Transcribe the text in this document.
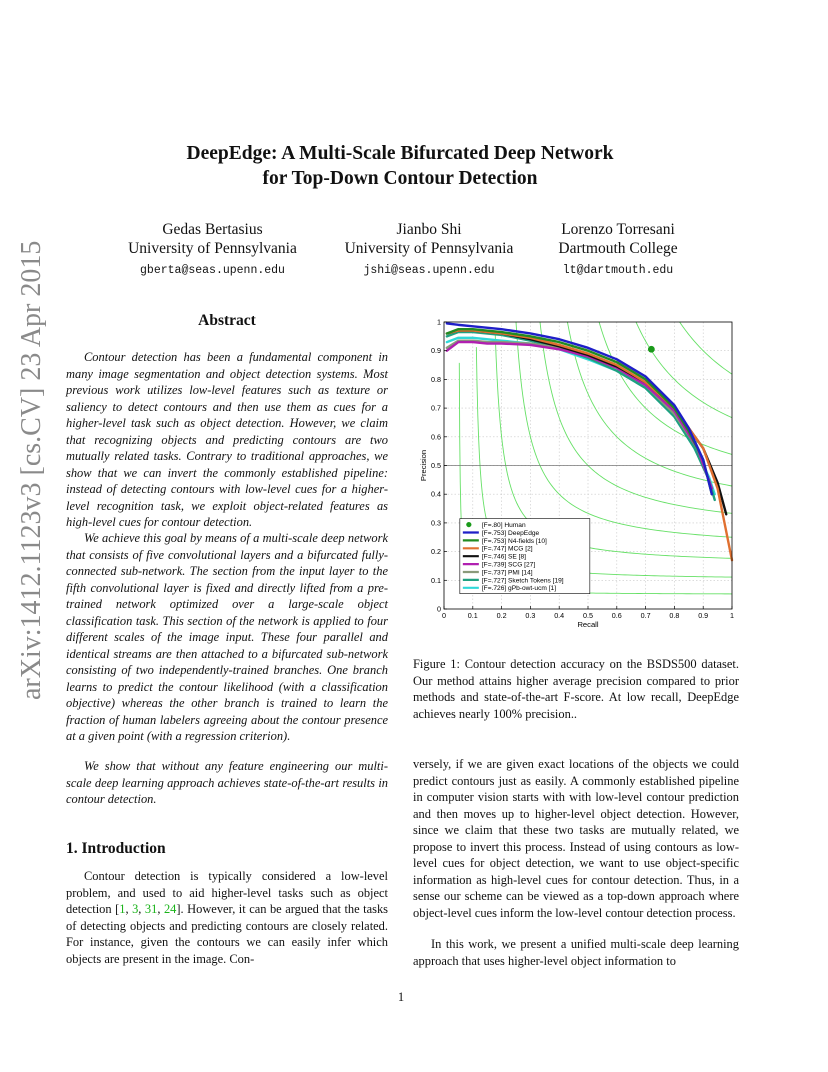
arXiv:1412.1123v3 [cs.CV] 23 Apr 2015
DeepEdge: A Multi-Scale Bifurcated Deep Network
for Top-Down Contour Detection
Gedas Bertasius
University of Pennsylvania
gberta@seas.upenn.edu
Jianbo Shi
University of Pennsylvania
jshi@seas.upenn.edu
Lorenzo Torresani
Dartmouth College
lt@dartmouth.edu
Abstract
Contour detection has been a fundamental component in many image segmentation and object detection systems. Most previous work utilizes low-level features such as texture or saliency to detect contours and then use them as cues for a higher-level task such as object detection. However, we claim that recognizing objects and predicting contours are two mutually related tasks. Contrary to traditional approaches, we show that we can invert the commonly established pipeline: instead of detecting contours with low-level cues for a higher-level recognition task, we exploit object-related features as high-level cues for contour detection.
We achieve this goal by means of a multi-scale deep network that consists of five convolutional layers and a bifurcated fully-connected sub-network. The section from the input layer to the fifth convolutional layer is fixed and directly lifted from a pre-trained network optimized over a large-scale object classification task. This section of the network is applied to four different scales of the image input. These four parallel and identical streams are then attached to a bifurcated sub-network consisting of two independently-trained branches. One branch learns to predict the contour likelihood (with a classification objective) whereas the other branch is trained to learn the fraction of human labelers agreeing about the contour presence at a given point (with a regression criterion).
We show that without any feature engineering our multi-scale deep learning approach achieves state-of-the-art results in contour detection.
1. Introduction
Contour detection is typically considered a low-level problem, and used to aid higher-level tasks such as object detection [1, 3, 31, 24]. However, it can be argued that the tasks of detecting objects and predicting contours are closely related. For instance, given the contours we can easily infer which objects are present in the image. Con-
0	0.1	0.2	0.3	0.4	0.5	0.6	0.7	0.8	0.9	1
0
0.1
0.2
0.3
0.4
0.5
0.6
0.7
0.8
0.9
1
Recall
Precision
[F=.80] Human
[F=.753] DeepEdge
[F=.753] N4-fields [10]
[F=.747] MCG [2]
[F=.746] SE [8]
[F=.739] SCG [27]
[F=.737] PMI [14]
[F=.727] Sketch Tokens [19]
[F=.726] gPb-owt-ucm [1]
Figure 1: Contour detection accuracy on the BSDS500 dataset. Our method attains higher average precision compared to prior methods and state-of-the-art F-score. At low recall, DeepEdge achieves nearly 100% precision..
versely, if we are given exact locations of the objects we could predict contours just as easily. A commonly established pipeline in computer vision starts with with low-level contour prediction and then moves up to higher-level object detection. However, since we claim that these two tasks are mutually related, we propose to invert this process. Instead of using contours as low-level cues for object detection, we want to use object-specific information as high-level cues for contour detection. Thus, in a sense our scheme can be viewed as a top-down approach where object-level cues inform the low-level contour detection process.
In this work, we present a unified multi-scale deep learning approach that uses higher-level object information to
1
